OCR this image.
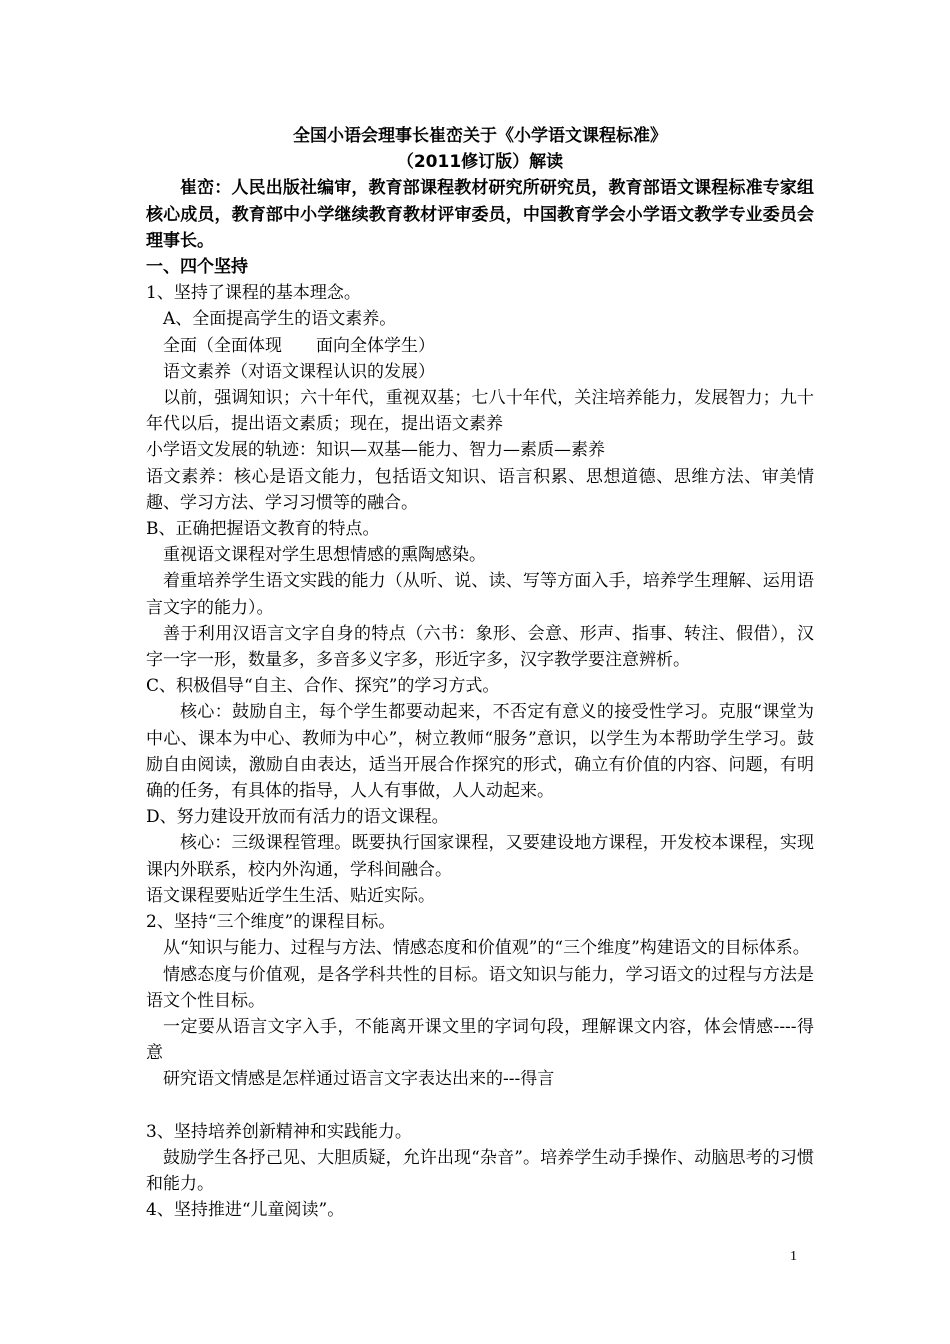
全国小语会理事长崔峦关于《小学语文课程标准》

（2011修订版）解读

崔峦：人民出版社编审，教育部课程教材研究所研究员，教育部语文课程标准专家组核心成员，教育部中小学继续教育教材评审委员，中国教育学会小学语文教学专业委员会理事长。

一、四个坚持

1、坚持了课程的基本理念。

A、全面提高学生的语文素养。

全面（全面体现　　面向全体学生）

语文素养（对语文课程认识的发展）

以前，强调知识；六十年代，重视双基；七八十年代，关注培养能力，发展智力；九十年代以后，提出语文素质；现在，提出语文素养

小学语文发展的轨迹：知识—双基—能力、智力—素质—素养

语文素养：核心是语文能力，包括语文知识、语言积累、思想道德、思维方法、审美情趣、学习方法、学习习惯等的融合。

B、正确把握语文教育的特点。

重视语文课程对学生思想情感的熏陶感染。

着重培养学生语文实践的能力（从听、说、读、写等方面入手，培养学生理解、运用语言文字的能力）。

善于利用汉语言文字自身的特点（六书：象形、会意、形声、指事、转注、假借），汉字一字一形，数量多，多音多义字多，形近字多，汉字教学要注意辨析。

C、积极倡导“自主、合作、探究”的学习方式。

核心：鼓励自主，每个学生都要动起来，不否定有意义的接受性学习。克服“课堂为中心、课本为中心、教师为中心”，树立教师“服务”意识，以学生为本帮助学生学习。鼓励自由阅读，激励自由表达，适当开展合作探究的形式，确立有价值的内容、问题，有明确的任务，有具体的指导，人人有事做，人人动起来。

D、努力建设开放而有活力的语文课程。

核心：三级课程管理。既要执行国家课程，又要建设地方课程，开发校本课程，实现课内外联系，校内外沟通，学科间融合。

语文课程要贴近学生生活、贴近实际。

2、坚持“三个维度”的课程目标。

从“知识与能力、过程与方法、情感态度和价值观”的“三个维度”构建语文的目标体系。

情感态度与价值观，是各学科共性的目标。语文知识与能力，学习语文的过程与方法是语文个性目标。

一定要从语言文字入手，不能离开课文里的字词句段，理解课文内容，体会情感----得意

研究语文情感是怎样通过语言文字表达出来的---得言

3、坚持培养创新精神和实践能力。

鼓励学生各抒己见、大胆质疑，允许出现“杂音”。培养学生动手操作、动脑思考的习惯和能力。

4、坚持推进“儿童阅读”。

1
